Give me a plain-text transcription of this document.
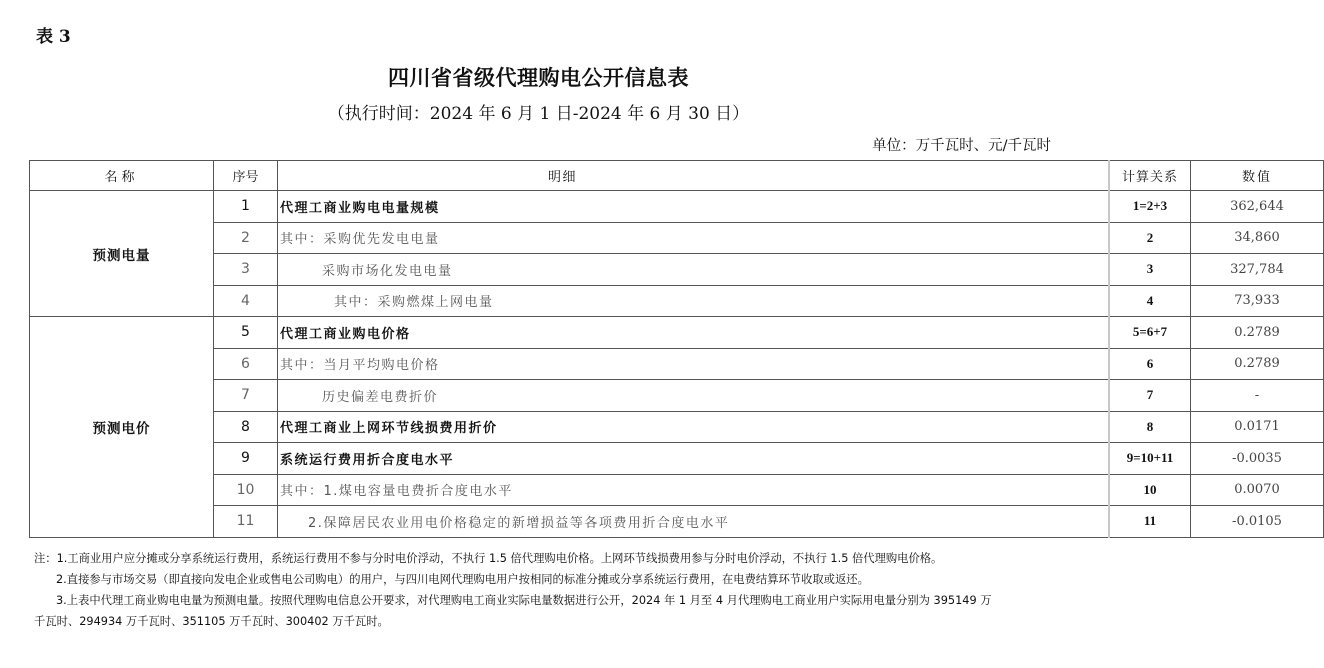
表 3
四川省省级代理购电公开信息表
（执行时间：2024 年 6 月 1 日-2024 年 6 月 30 日）
单位：万千瓦时、元/千瓦时
名称	序号	明细	计算关系	数值
预测电量	1	代理工商业购电电量规模	1=2+3	362,644
	2	其中：采购优先发电电量	2	34,860
	3	采购市场化发电电量	3	327,784
	4	其中：采购燃煤上网电量	4	73,933
预测电价	5	代理工商业购电价格	5=6+7	0.2789
	6	其中：当月平均购电价格	6	0.2789
	7	历史偏差电费折价	7	-
	8	代理工商业上网环节线损费用折价	8	0.0171
	9	系统运行费用折合度电水平	9=10+11	-0.0035
	10	其中：1.煤电容量电费折合度电水平	10	0.0070
	11	2.保障居民农业用电价格稳定的新增损益等各项费用折合度电水平	11	-0.0105

注：1.工商业用户应分摊或分享系统运行费用，系统运行费用不参与分时电价浮动，不执行 1.5 倍代理购电价格。上网环节线损费用参与分时电价浮动，不执行 1.5 倍代理购电价格。

2.直接参与市场交易（即直接向发电企业或售电公司购电）的用户，与四川电网代理购电用户按相同的标准分摊或分享系统运行费用，在电费结算环节收取或返还。

3.上表中代理工商业购电电量为预测电量。按照代理购电信息公开要求，对代理购电工商业实际电量数据进行公开，2024 年 1 月至 4 月代理购电工商业用户实际用电量分别为 395149 万

千瓦时、294934 万千瓦时、351105 万千瓦时、300402 万千瓦时。
